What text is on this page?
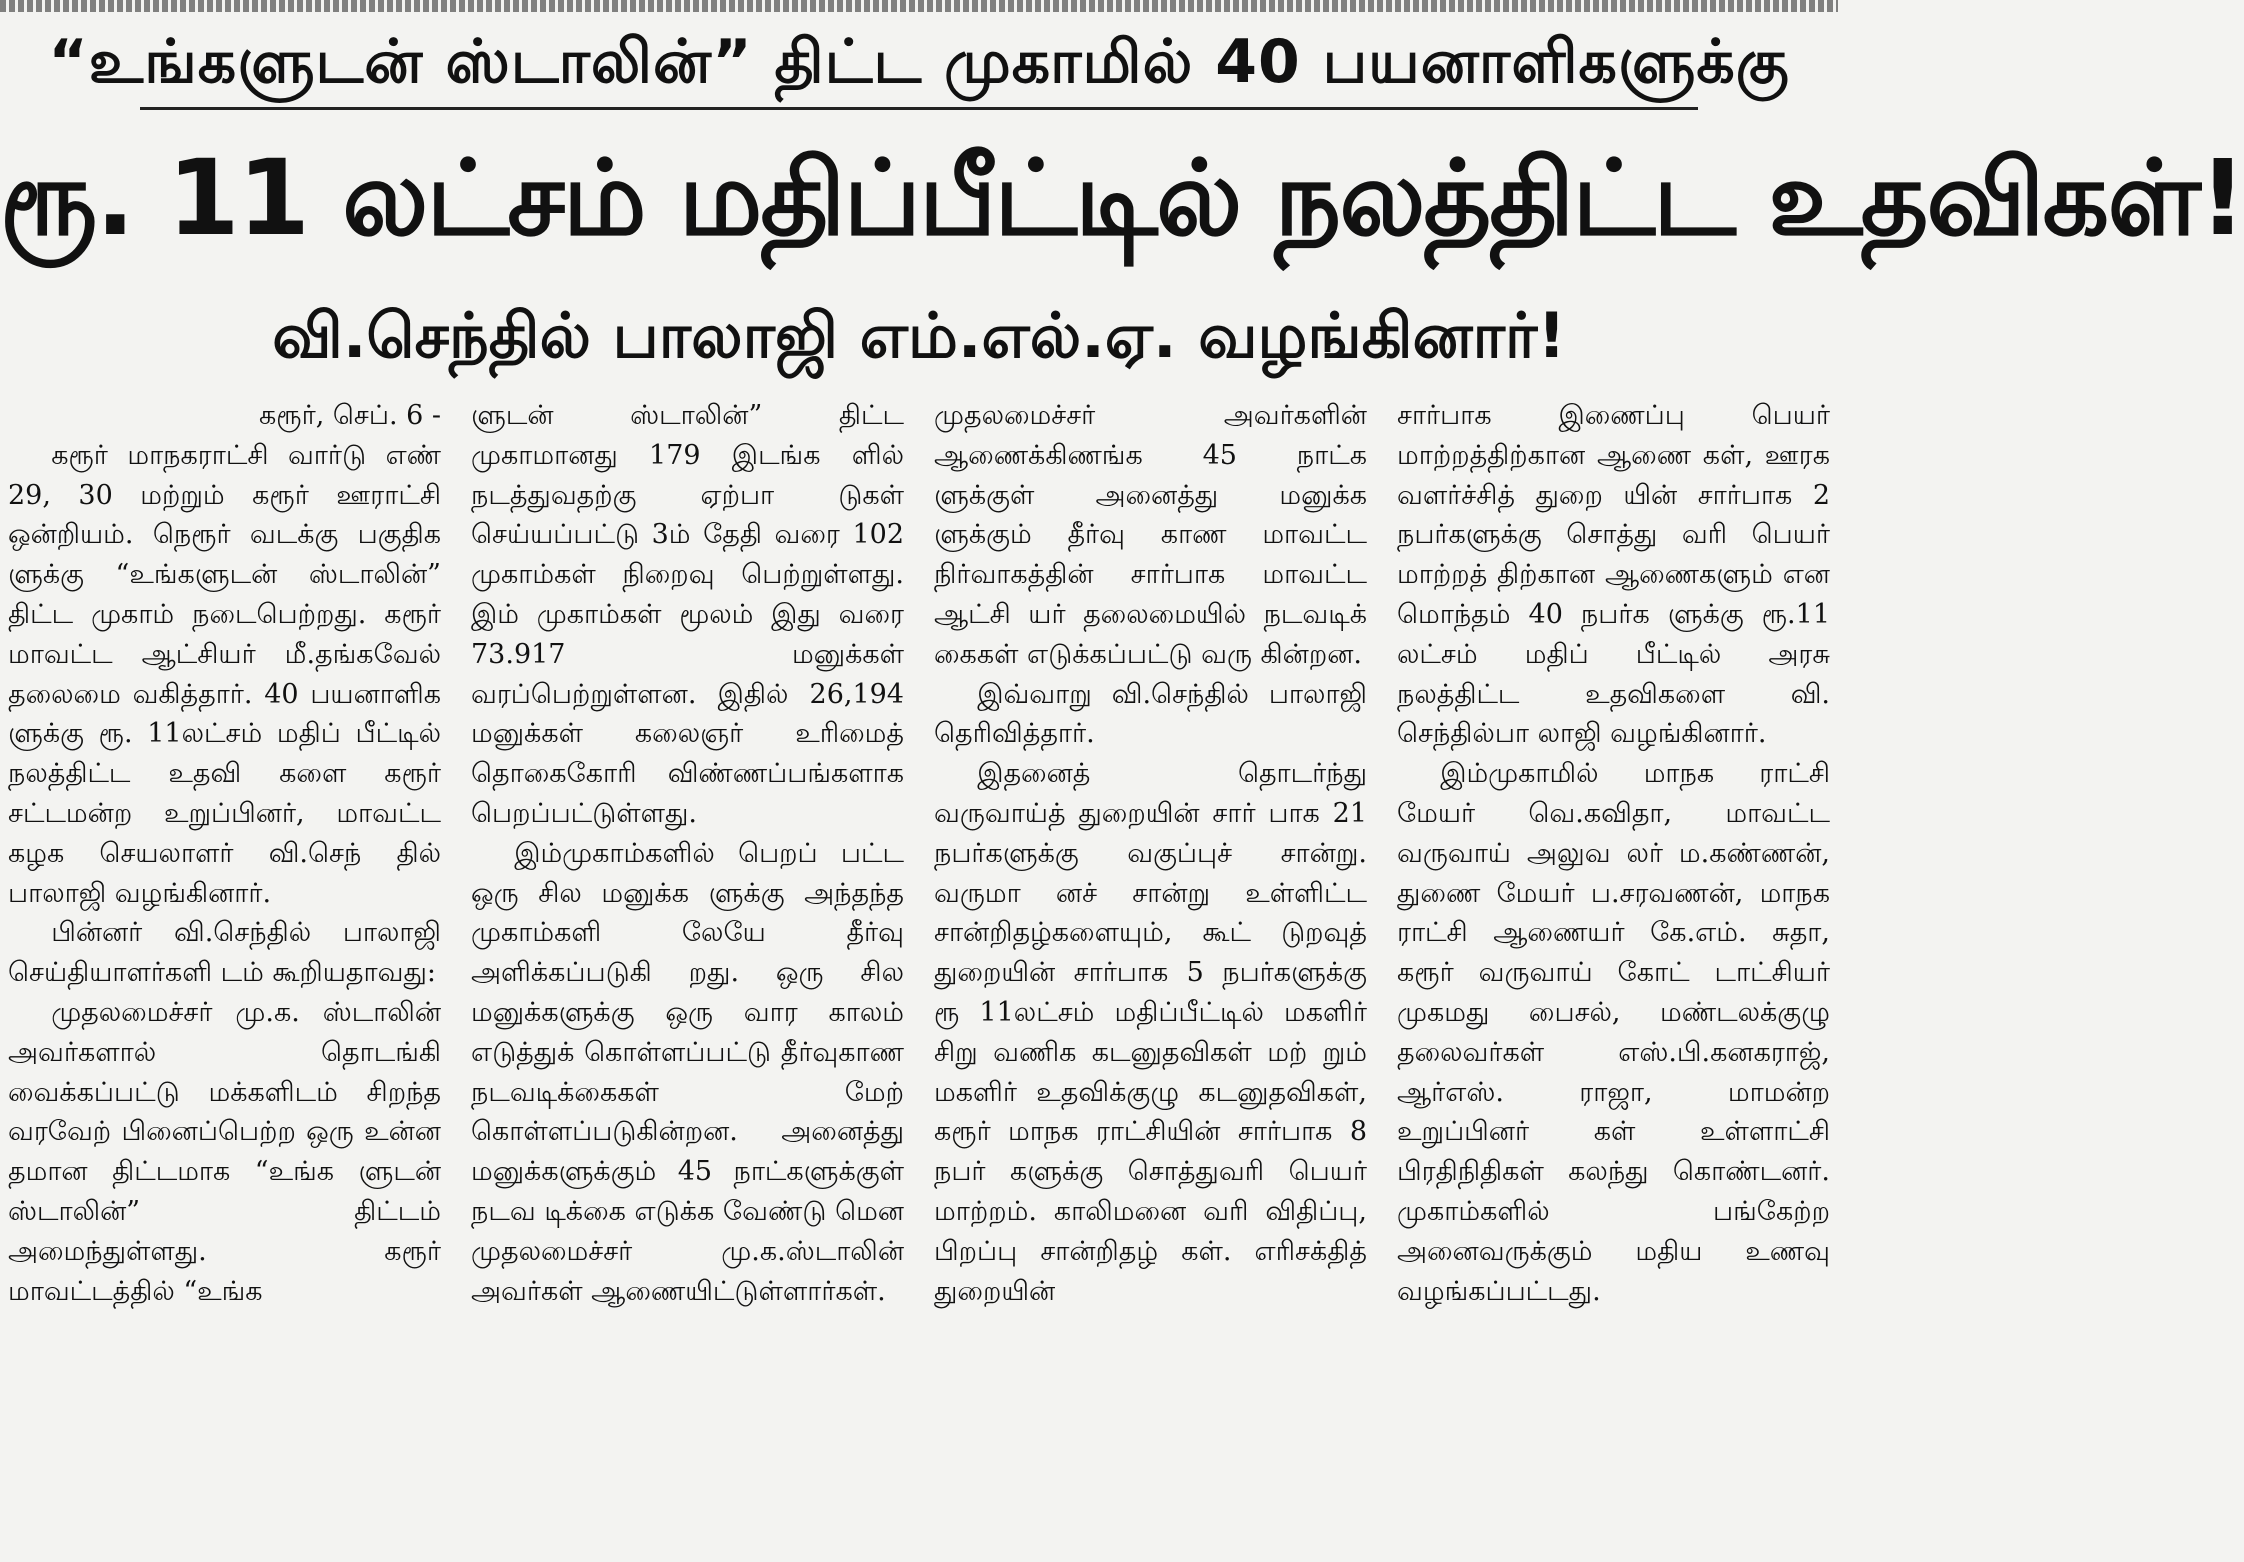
“உங்களுடன் ஸ்டாலின்” திட்ட முகாமில் 40 பயனாளிகளுக்கு
ரூ. 11 லட்சம் மதிப்பீட்டில் நலத்திட்ட உதவிகள்!
வி.செந்தில் பாலாஜி எம்.எல்.ஏ. வழங்கினார்!

கரூர், செப். 6 -

கரூர் மாநகராட்சி வார்டு எண் 29, 30 மற்றும் கரூர் ஊராட்சி ஒன்றியம். நெரூர் வடக்கு பகுதிக ளுக்கு “உங்களுடன் ஸ்டாலின்” திட்ட முகாம் நடைபெற்றது. கரூர் மாவட்ட ஆட்சியர் மீ.தங்கவேல் தலைமை வகித்தார். 40 பயனாளிக ளுக்கு ரூ. 11லட்சம் மதிப் பீட்டில் நலத்திட்ட உதவி களை கரூர் சட்டமன்ற உறுப்பினர், மாவட்ட கழக செயலாளர் வி.செந் தில் பாலாஜி வழங்கினார்.

பின்னர் வி.செந்தில் பாலாஜி செய்தியாளர்களி டம் கூறியதாவது:

முதலமைச்சர் மு.க. ஸ்டாலின் அவர்களால் தொடங்கி வைக்கப்பட்டு மக்களிடம் சிறந்த வரவேற் பினைப்பெற்ற ஒரு உன்ன தமான திட்டமாக “உங்க ளுடன் ஸ்டாலின்” திட்டம் அமைந்துள்ளது. கரூர் மாவட்டத்தில் “உங்க

ளுடன் ஸ்டாலின்” திட்ட முகாமானது 179 இடங்க ளில் நடத்துவதற்கு ஏற்பா டுகள் செய்யப்பட்டு 3ம் தேதி வரை 102 முகாம்கள் நிறைவு பெற்றுள்ளது. இம் முகாம்கள் மூலம் இது வரை 73.917 மனுக்கள் வரப்பெற்றுள்ளன. இதில் 26,194 மனுக்கள் கலைஞர் உரிமைத் தொகைகோரி விண்ணப்பங்களாக பெறப்பட்டுள்ளது.

இம்முகாம்களில் பெறப் பட்ட ஒரு சில மனுக்க ளுக்கு அந்தந்த முகாம்களி லேயே தீர்வு அளிக்கப்படுகி றது. ஒரு சில மனுக்களுக்கு ஒரு வார காலம் எடுத்துக் கொள்ளப்பட்டு தீர்வுகாண நடவடிக்கைகள் மேற் கொள்ளப்படுகின்றன. அனைத்து மனுக்களுக்கும் 45 நாட்களுக்குள் நடவ டிக்கை எடுக்க வேண்டு மென முதலமைச்சர் மு.க.ஸ்டாலின் அவர்கள் ஆணையிட்டுள்ளார்கள்.

முதலமைச்சர் அவர்களின் ஆணைக்கிணங்க 45 நாட்க ளுக்குள் அனைத்து மனுக்க ளுக்கும் தீர்வு காண மாவட்ட நிர்வாகத்தின் சார்பாக மாவட்ட ஆட்சி யர் தலைமையில் நடவடிக் கைகள் எடுக்கப்பட்டு வரு கின்றன.

இவ்வாறு வி.செந்தில் பாலாஜி தெரிவித்தார்.

இதனைத் தொடர்ந்து வருவாய்த் துறையின் சார் பாக 21 நபர்களுக்கு வகுப்புச் சான்று. வருமா னச் சான்று உள்ளிட்ட சான்றிதழ்களையும், கூட் டுறவுத் துறையின் சார்பாக 5 நபர்களுக்கு ரூ 11லட்சம் மதிப்பீட்டில் மகளிர் சிறு வணிக கடனுதவிகள் மற் றும் மகளிர் உதவிக்குழு கடனுதவிகள், கரூர் மாநக ராட்சியின் சார்பாக 8 நபர் களுக்கு சொத்துவரி பெயர் மாற்றம். காலிமனை வரி விதிப்பு, பிறப்பு சான்றிதழ் கள். எரிசக்தித் துறையின்

சார்பாக இணைப்பு பெயர் மாற்றத்திற்கான ஆணை கள், ஊரக வளர்ச்சித் துறை யின் சார்பாக 2 நபர்களுக்கு சொத்து வரி பெயர் மாற்றத் திற்கான ஆணைகளும் என மொந்தம் 40 நபர்க ளுக்கு ரூ.11 லட்சம் மதிப் பீட்டில் அரசு நலத்திட்ட உதவிகளை வி. செந்தில்பா லாஜி வழங்கினார்.

இம்முகாமில் மாநக ராட்சி மேயர் வெ.கவிதா, மாவட்ட வருவாய் அலுவ லர் ம.கண்ணன், துணை மேயர் ப.சரவணன், மாநக ராட்சி ஆணையர் கே.எம். சுதா, கரூர் வருவாய் கோட் டாட்சியர் முகமது பைசல், மண்டலக்குழு தலைவர்கள் எஸ்.பி.கனகராஜ், ஆர்எஸ். ராஜா, மாமன்ற உறுப்பினர் கள் உள்ளாட்சி பிரதிநிதிகள் கலந்து கொண்டனர். முகாம்களில் பங்கேற்ற அனைவருக்கும் மதிய உணவு வழங்கப்பட்டது.
